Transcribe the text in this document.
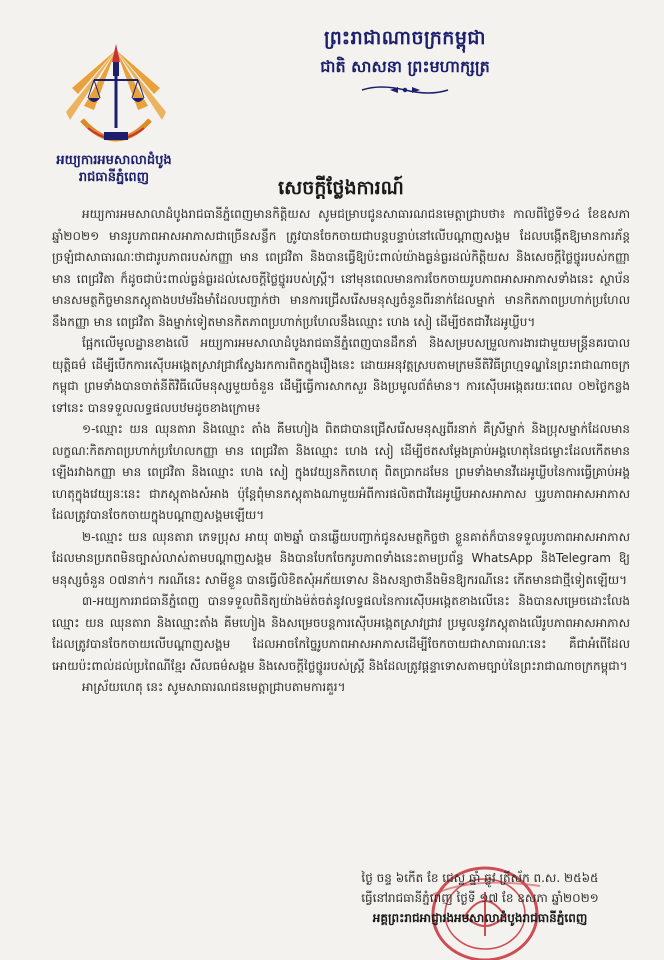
ព្រះរាជាណាចក្រកម្ពុជា
ជាតិ សាសនា ព្រះមហាក្សត្រ
អយ្យការអមសាលាដំបូង
រាជធានីភ្នំពេញ	សេចក្ដីថ្លែងការណ៍

អយ្យការអមសាលាដំបូងរាជធានីភ្នំពេញមានកិត្តិយស សូមជម្រាបជូនសាធារណជនមេត្តាជ្រាបថា៖ កាលពីថ្ងៃទី១៤ ខែឧសភា ឆ្នាំ២០២១ មានរូបភាពអាសអាភាសជាច្រើនសន្លឹក ត្រូវបានចែកចាយជាបន្តបន្ទាប់នៅលើបណ្ដាញសង្គម ដែលបង្កើតឱ្យមានការភ័ន្តច្រឡំជាសាធារណៈថាជារូបភាពរបស់កញ្ញា មាន ពេជ្រវិតា និងបានធ្វើឱ្យប៉ះពាល់យ៉ាងធ្ងន់ធ្ងរដល់កិត្តិយស និងសេចក្ដីថ្លៃថ្នូររបស់កញ្ញា មាន ពេជ្រវិតា ក៏ដូចជាប៉ះពាល់ធ្ងន់ធ្ងរដល់សេចក្ដីថ្លៃថ្នូររបស់ស្ត្រី។ នៅមុនពេលមានការចែកចាយរូបភាពអាសអាភាសទាំងនេះ ស្ថាប័នមានសមត្ថកិច្ចមានភស្តុតាងបឋមរឹងមាំដែលបញ្ជាក់ថា មានការជ្រើសរើសមនុស្សចំនួនពីរនាក់ដែលម្នាក់ មានកិតភាពប្រហាក់ប្រហែលនឹងកញ្ញា មាន ពេជ្រវិតា និងម្នាក់ទៀតមានកិតភាពប្រហាក់ប្រហែលនឹងឈ្មោះ ហេង សៀ ដើម្បីថតជាវីដេអូឃ្លីប។

ផ្អែកលើមូលដ្ឋានខាងលើ អយ្យការអមសាលាដំបូងរាជធានីភ្នំពេញបានដឹកនាំ និងសម្របសម្រួលការងារជាមួយមន្ត្រីនគរបាលយុត្តិធម៌ ដើម្បីបើកការស៊ើបអង្កេតស្រាវជ្រាវស្វែងរកការពិតក្នុងរឿងនេះ ដោយអនុវត្តស្របតាមក្រមនីតិវិធីព្រហ្មទណ្ឌនៃព្រះរាជាណាចក្រកម្ពុជា ព្រមទាំងបានចាត់នីតិវិធីលើមនុស្សមួយចំនួន ដើម្បីធ្វើការសាកសួរ និងប្រមូលព័ត៌មាន។ ការស៊ើបអង្កេតរយៈពេល ០២ថ្ងៃកន្លងទៅនេះ បានទទួលលទ្ធផលបឋមដូចខាងក្រោម៖

១-ឈ្មោះ យន ឈុនតារា និងឈ្មោះ តាំង គីមហៀង ពិតជាបានជ្រើសរើសមនុស្សពីរនាក់ គឺស្រីម្នាក់ និងប្រុសម្នាក់ដែលមានលក្ខណៈកិតភាពប្រហាក់ប្រហែលកញ្ញា មាន ពេជ្រវិតា និងឈ្មោះ ហេង សៀ ដើម្បីថតសម្ដែងគ្រាប់អង្គហេតុនៃជម្លោះដែលកើតមានឡើងរវាងកញ្ញា មាន ពេជ្រវិតា និងឈ្មោះ ហេង សៀ ក្នុងវេយ្យនកិតហេតុ ពិតប្រាកដមែន ព្រមទាំងមានវីដេអូឃ្លីបនៃការធ្វើគ្រាប់អង្គហេតុក្នុងវេយ្យនៈនេះ ជាភស្តុតាងសំអាង ប៉ុន្តែពុំមានភស្តុតាងណាមួយអំពីការផលិតជាវីដេអូឃ្លីបអាសអាភាស ឬរូបភាពអាសអាភាស ដែលត្រូវបានចែកចាយក្នុងបណ្ដាញសង្គមឡើយ។

២-ឈ្មោះ យន ឈុនតារា ភេទប្រុស អាយុ ៣២ឆ្នាំ បានឆ្លើយបញ្ជាក់ជូនសមត្ថកិច្ចថា ខ្លួនគាត់ក៏បានទទួលរូបភាពអាសអាភាសដែលមានប្រភពមិនច្បាស់លាស់តាមបណ្ដាញសង្គម និងបានបែកចែករូបភាពទាំងនេះតាមប្រព័ន្ធ WhatsApp និងTelegram ឱ្យមនុស្សចំនួន ០៧នាក់។ ករណីនេះ សាមីខ្លួន បានធ្វើលិខិតសុំអភ័យទោស និងសន្យាថានឹងមិនឱ្យករណីនេះ កើតមានជាថ្មីទៀតឡើយ។

៣-អយ្យការរាជធានីភ្នំពេញ បានទទួលពិនិត្យយ៉ាងម៉ត់ចត់នូវលទ្ធផលនៃការស៊ើបអង្កេតខាងលើនេះ និងបានសម្រេចដោះលែងឈ្មោះ យន ឈុនតារា និងឈ្មោះតាំង គីមហៀង និងសម្រេចបន្តការស៊ើបអង្កេតស្រាវជ្រាវ ប្រមូលនូវភស្តុតាងលើរូបភាពអាសអាភាស ដែលត្រូវបានចែកចាយលើបណ្ដាញសង្គម ដែលអាចកែច្នៃរូបភាពអាសអាភាសដើម្បីចែកចាយជាសាធារណៈនេះ គឺជាអំពើដែលអោយប៉ះពាល់ដល់ប្រពៃណីខ្មែរ សីលធម៌សង្គម និងសេចក្ដីថ្លៃថ្នូររបស់ស្ត្រី និងដែលត្រូវផ្តន្ទាទោសតាមច្បាប់នៃព្រះរាជាណាចក្រកម្ពុជា។

អាស្រ័យហេតុ នេះ សូមសាធារណជនមេត្តាជ្រាបតាមការគួរ។

ថ្ងៃ ចន្ទ ៦កើត ខែ ជេស្ឋ ឆ្នាំ ឆ្លូវ ត្រីស័ក ព.ស. ២៥៦៥
ធ្វើនៅរាជធានីភ្នំពេញ ថ្ងៃទី ១៧ ខែ ឧសភា ឆ្នាំ២០២១
អគ្គព្រះរាជអាជ្ញារងអមសាលាដំបូងរាជធានីភ្នំពេញ
